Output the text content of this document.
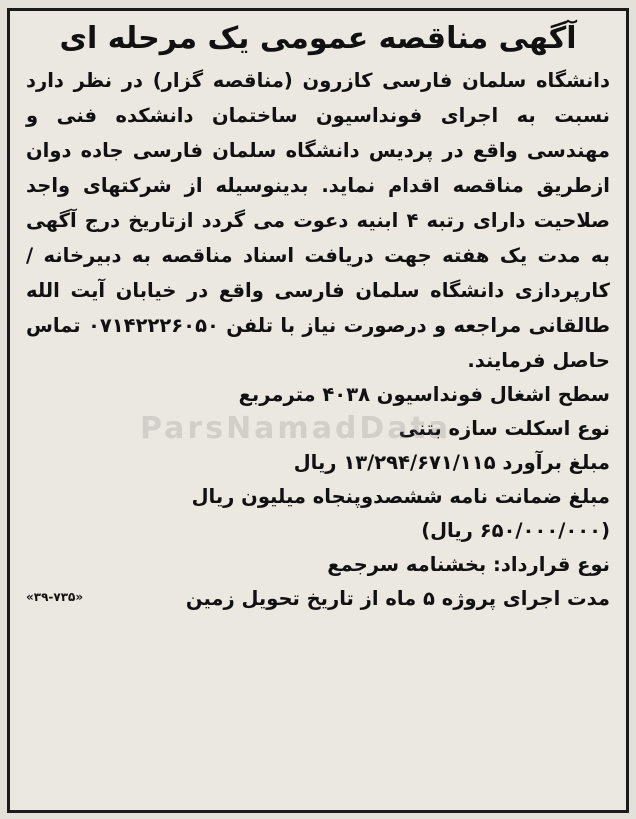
ParsNamadData
آگهی مناقصه عمومی یک مرحله ای

دانشگاه سلمان فارسی کازرون (مناقصه گزار) در نظر دارد نسبت به اجرای فونداسیون ساختمان دانشکده فنی و مهندسی واقع در پردیس دانشگاه سلمان فارسی جاده دوان ازطریق مناقصه اقدام نماید. بدینوسیله از شرکتهای واجد صلاحیت دارای رتبه ۴ ابنیه دعوت می گردد ازتاریخ درج آگهی به مدت یک هفته جهت دریافت اسناد مناقصه به دبیرخانه / کارپردازی دانشگاه سلمان فارسی واقع در خیابان آیت الله طالقانی مراجعه و درصورت نیاز با تلفن ۰۷۱۴۲۲۲۶۰۵۰ تماس حاصل فرمایند.

سطح اشغال فونداسیون ۴۰۳۸ مترمربع

نوع اسکلت سازه بتنی

مبلغ برآورد ۱۳/۲۹۴/۶۷۱/۱۱۵ ریال

مبلغ ضمانت نامه ششصدوپنجاه میلیون ریال

(۶۵۰/۰۰۰/۰۰۰ ریال)

نوع قرارداد: بخشنامه سرجمع

مدت اجرای پروژه ۵ ماه از تاریخ تحویل زمین

«۳۹-۷۳۵»
